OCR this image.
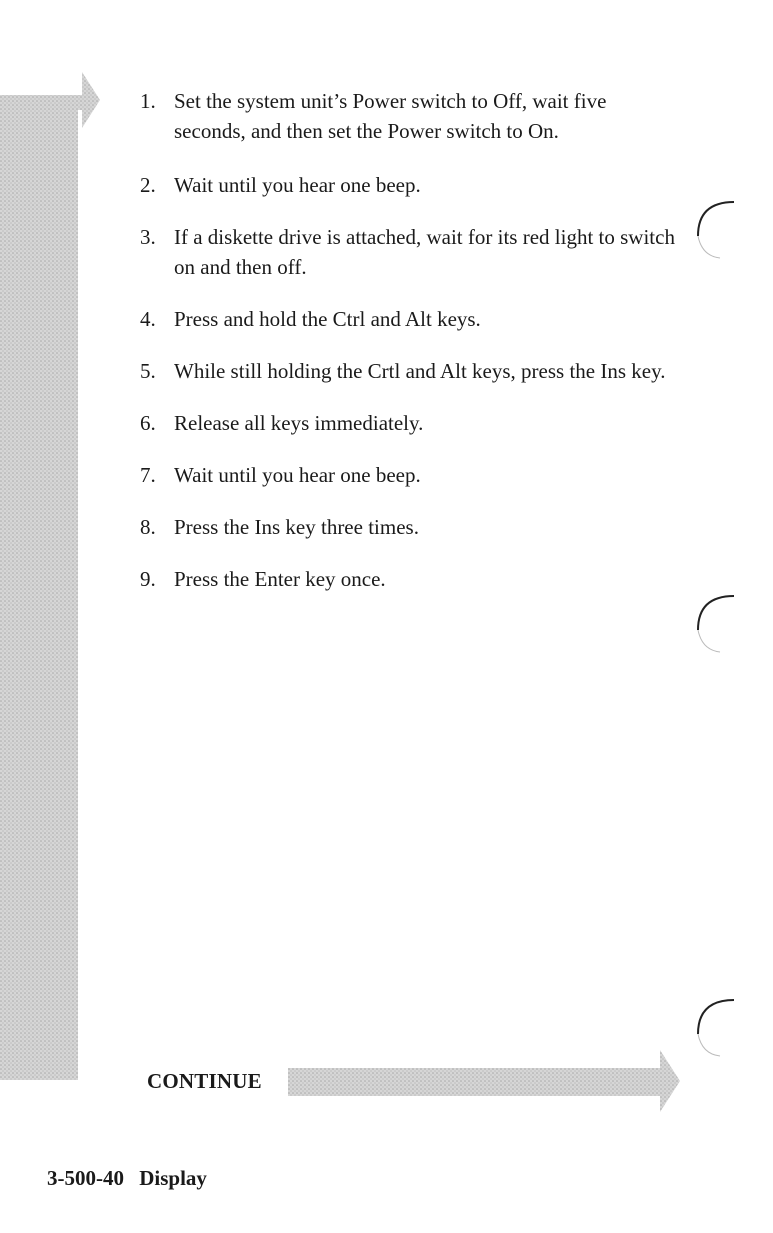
1. Set the system unit’s Power switch to Off, wait five seconds, and then set the Power switch to On.
2. Wait until you hear one beep.
3. If a diskette drive is attached, wait for its red light to switch on and then off.
4. Press and hold the Ctrl and Alt keys.
5. While still holding the Crtl and Alt keys, press the Ins key.
6. Release all keys immediately.
7. Wait until you hear one beep.
8. Press the Ins key three times.
9. Press the Enter key once.
CONTINUE
3-500-40 Display
